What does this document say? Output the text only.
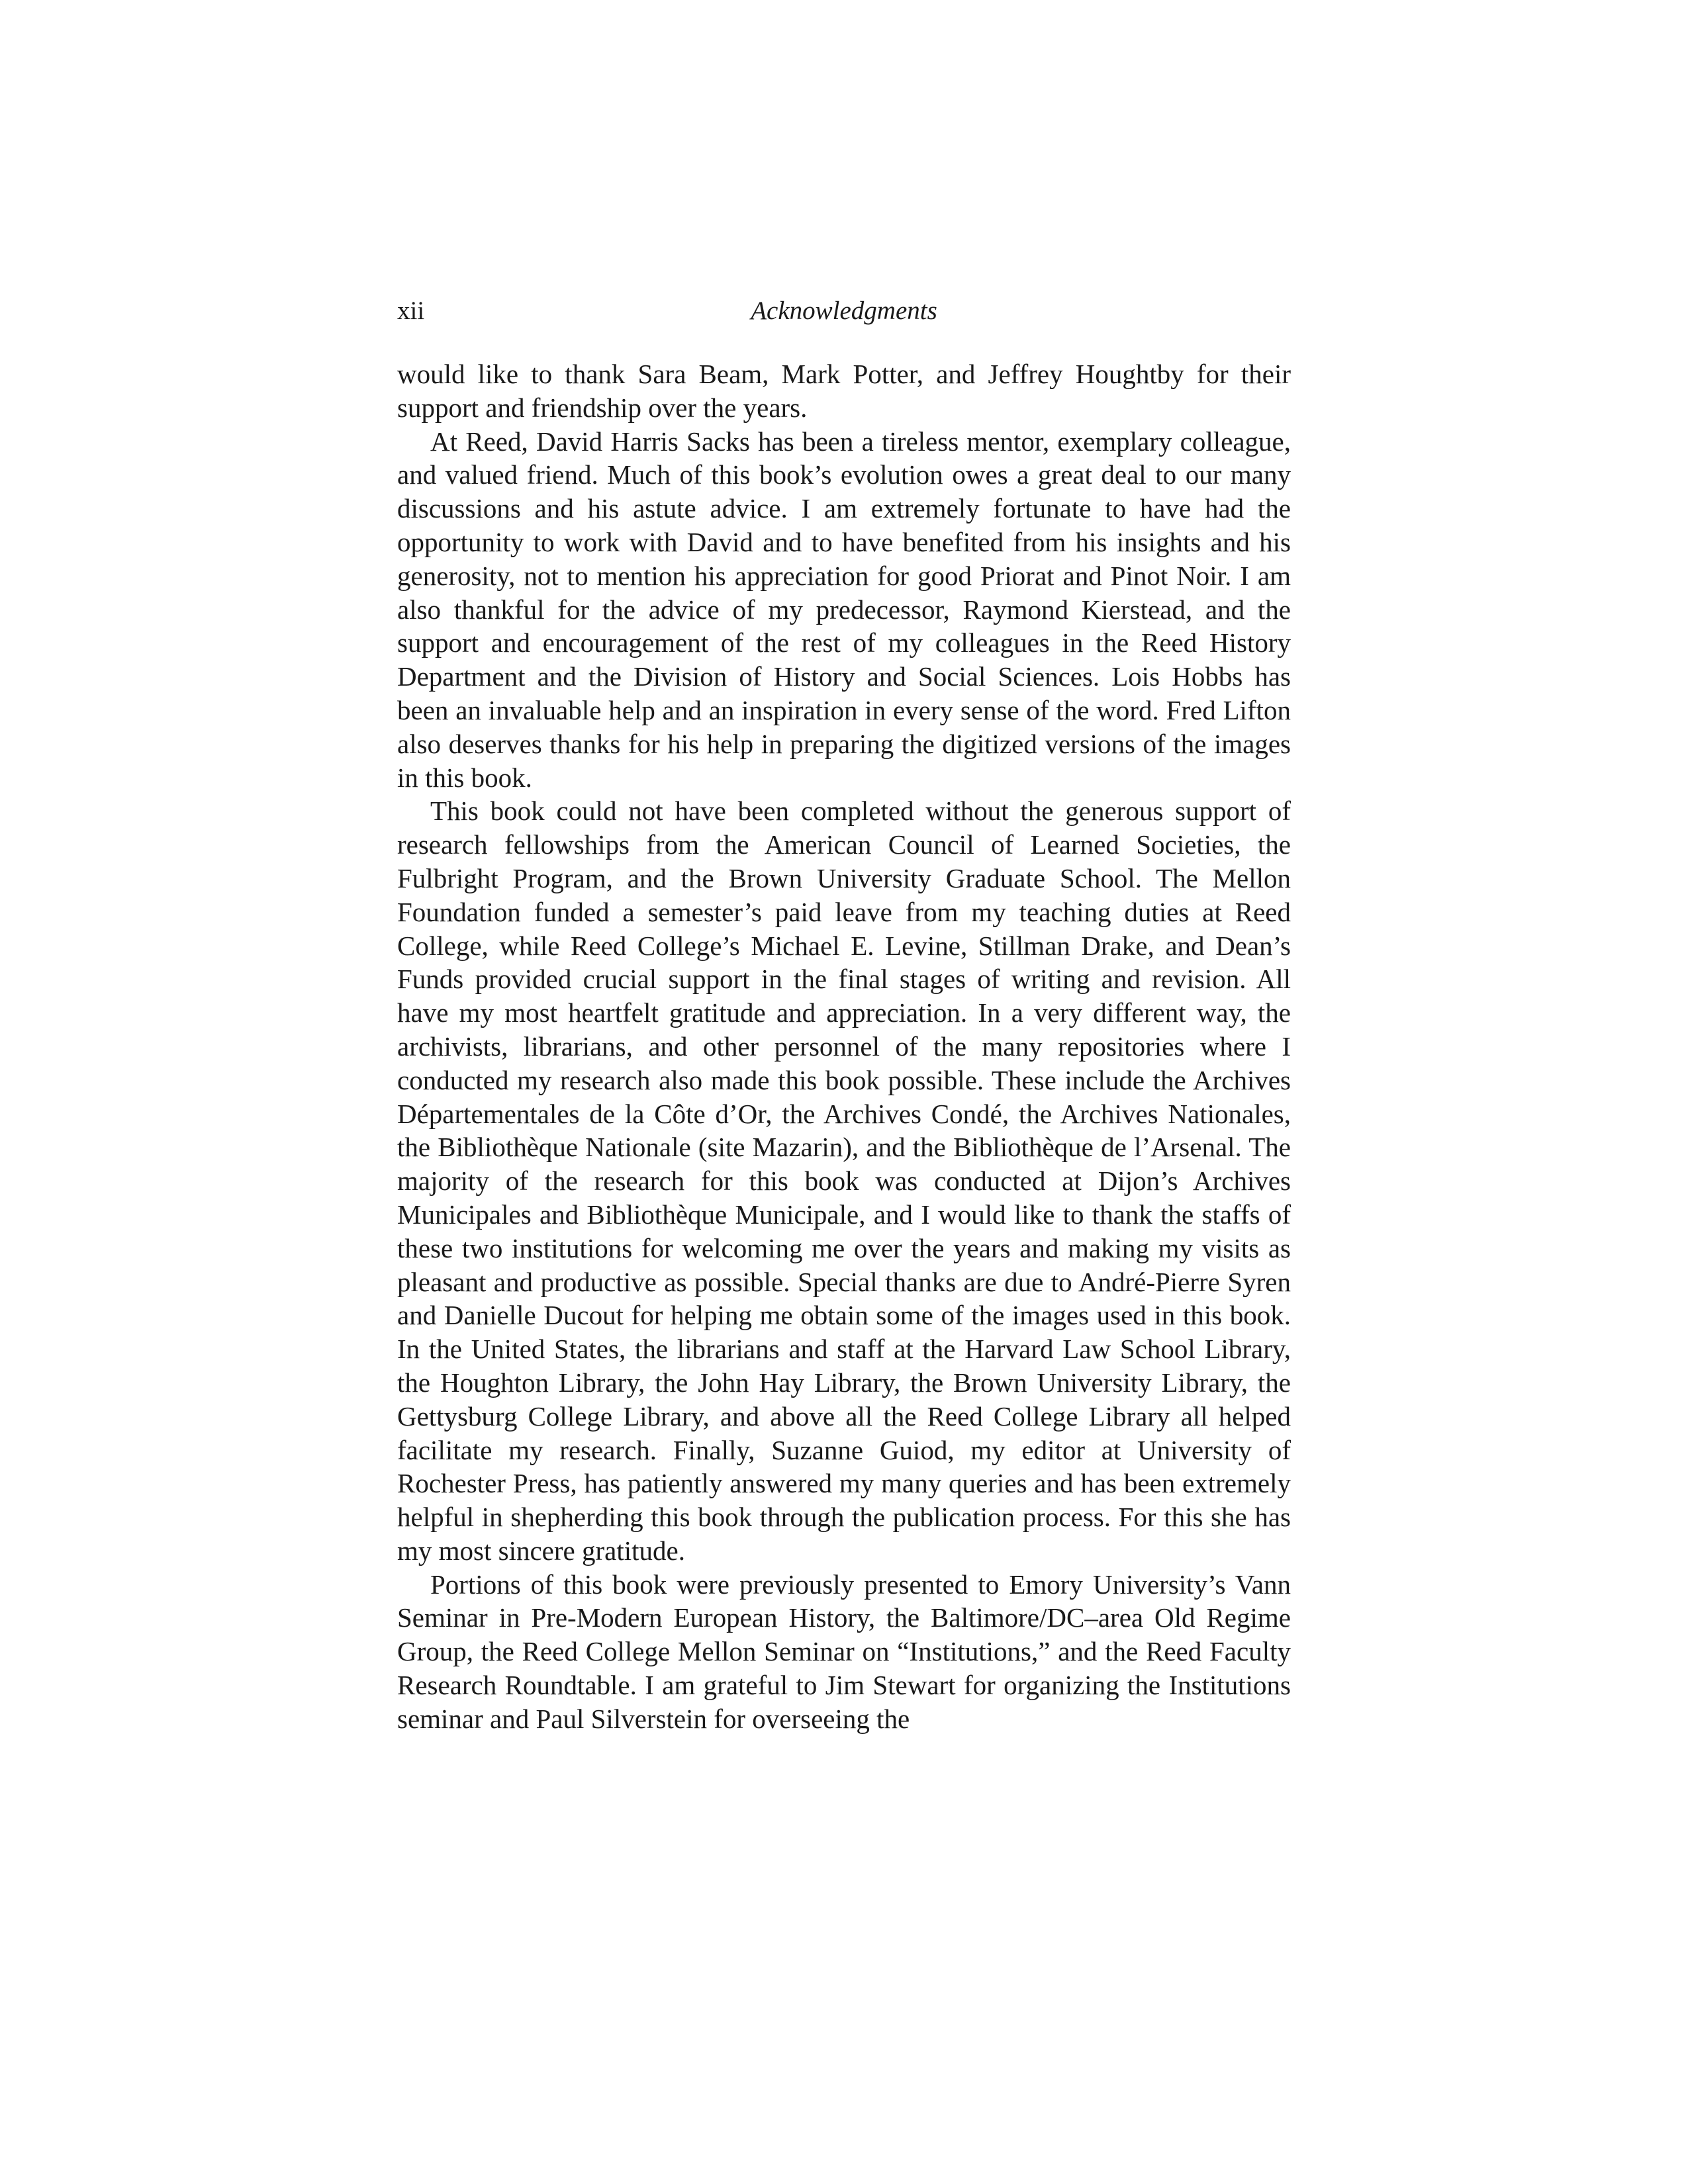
xii	Acknowledgments

would like to thank Sara Beam, Mark Potter, and Jeffrey Houghtby for their support and friendship over the years.

At Reed, David Harris Sacks has been a tireless mentor, exemplary colleague, and valued friend. Much of this book’s evolution owes a great deal to our many discussions and his astute advice. I am extremely fortunate to have had the opportunity to work with David and to have benefited from his insights and his generosity, not to mention his appreciation for good Priorat and Pinot Noir. I am also thankful for the advice of my predecessor, Raymond Kierstead, and the support and encouragement of the rest of my colleagues in the Reed History Department and the Division of History and Social Sciences. Lois Hobbs has been an invaluable help and an inspiration in every sense of the word. Fred Lifton also deserves thanks for his help in preparing the digitized versions of the images in this book.

This book could not have been completed without the generous support of research fellowships from the American Council of Learned Societies, the Fulbright Program, and the Brown University Graduate School. The Mellon Foundation funded a semester’s paid leave from my teaching duties at Reed College, while Reed College’s Michael E. Levine, Stillman Drake, and Dean’s Funds provided crucial support in the final stages of writing and revision. All have my most heartfelt gratitude and appreciation. In a very different way, the archivists, librarians, and other personnel of the many repositories where I conducted my research also made this book possible. These include the Archives Départementales de la Côte d’Or, the Archives Condé, the Archives Nationales, the Bibliothèque Nationale (site Mazarin), and the Bibliothèque de l’Arsenal. The majority of the research for this book was conducted at Dijon’s Archives Municipales and Bibliothèque Municipale, and I would like to thank the staffs of these two institutions for welcoming me over the years and making my visits as pleasant and productive as possible. Special thanks are due to André-Pierre Syren and Danielle Ducout for helping me obtain some of the images used in this book. In the United States, the librarians and staff at the Harvard Law School Library, the Houghton Library, the John Hay Library, the Brown University Library, the Gettysburg College Library, and above all the Reed College Library all helped facilitate my research. Finally, Suzanne Guiod, my editor at University of Rochester Press, has patiently answered my many queries and has been extremely helpful in shepherding this book through the publication process. For this she has my most sincere gratitude.

Portions of this book were previously presented to Emory University’s Vann Seminar in Pre-Modern European History, the Baltimore/DC–area Old Regime Group, the Reed College Mellon Seminar on “Institutions,” and the Reed Faculty Research Roundtable. I am grateful to Jim Stewart for organizing the Institutions seminar and Paul Silverstein for overseeing the
